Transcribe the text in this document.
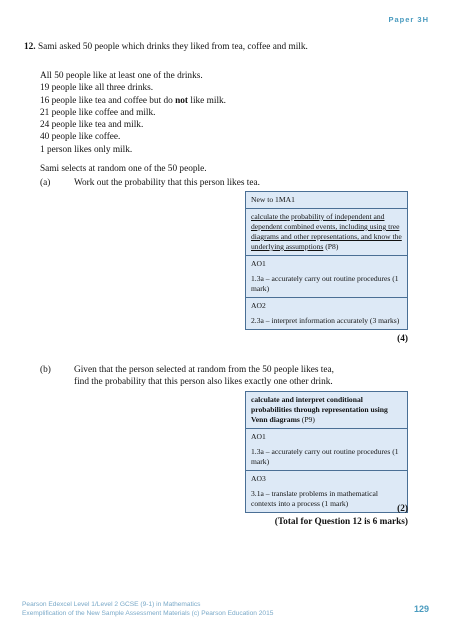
Paper 3H
12. Sami asked 50 people which drinks they liked from tea, coffee and milk.
All 50 people like at least one of the drinks.
19 people like all three drinks.
16 people like tea and coffee but do not like milk.
21 people like coffee and milk.
24 people like tea and milk.
40 people like coffee.
1 person likes only milk.
Sami selects at random one of the 50 people.
(a)	Work out the probability that this person likes tea.
New to 1MA1
calculate the probability of independent and dependent combined events, including using tree diagrams and other representations, and know the underlying assumptions (P8)
AO1
1.3a – accurately carry out routine procedures (1 mark)
AO2
2.3a – interpret information accurately (3 marks)
(4)
(b) Given that the person selected at random from the 50 people likes tea,
find the probability that this person also likes exactly one other drink.
calculate and interpret conditional probabilities through representation using Venn diagrams (P9)
AO1
1.3a – accurately carry out routine procedures (1 mark)
AO3
3.1a – translate problems in mathematical contexts into a process (1 mark)
(2)
(Total for Question 12 is 6 marks)
Pearson Edexcel Level 1/Level 2 GCSE (9-1) in Mathematics
Exemplification of the New Sample Assessment Materials (c) Pearson Education 2015	129
